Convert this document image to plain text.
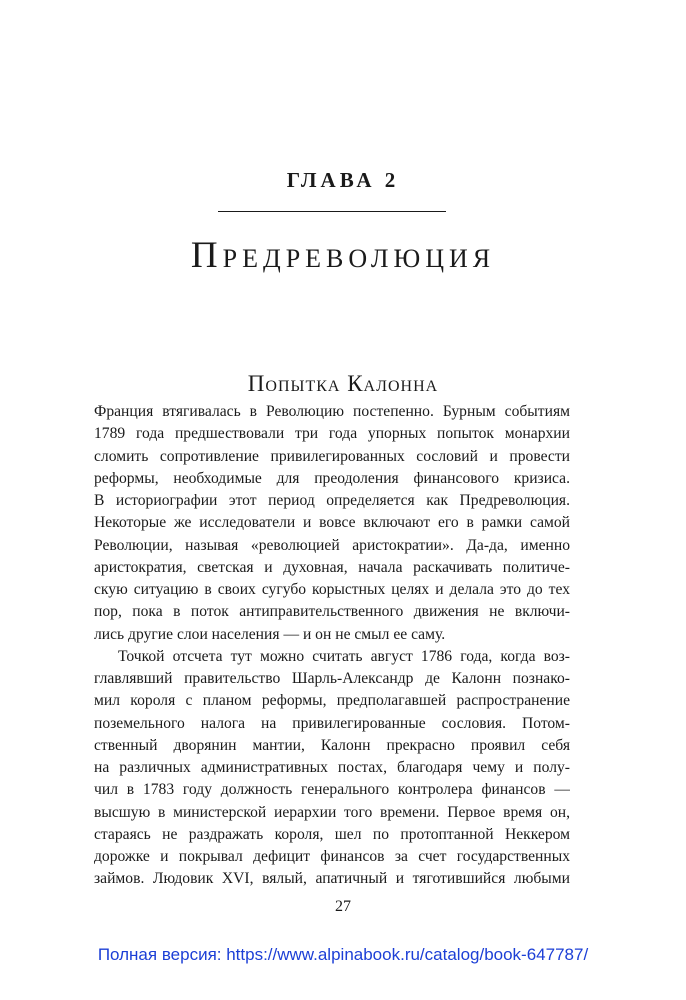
ГЛАВА 2
Предреволюция
Попытка Калонна
Франция втягивалась в Революцию постепенно. Бурным событиям
1789 года предшествовали три года упорных попыток монархии
сломить сопротивление привилегированных сословий и провести
реформы, необходимые для преодоления финансового кризиса.
В историографии этот период определяется как Предреволюция.
Некоторые же исследователи и вовсе включают его в рамки самой
Революции, называя «революцией аристократии». Да-да, именно
аристократия, светская и духовная, начала раскачивать политиче-
скую ситуацию в своих сугубо корыстных целях и делала это до тех
пор, пока в поток антиправительственного движения не включи-
лись другие слои населения — и он не смыл ее саму.
Точкой отсчета тут можно считать август 1786 года, когда воз-
главлявший правительство Шарль-Александр де Калонн познако-
мил короля с планом реформы, предполагавшей распространение
поземельного налога на привилегированные сословия. Потом-
ственный дворянин мантии, Калонн прекрасно проявил себя
на различных административных постах, благодаря чему и полу-
чил в 1783 году должность генерального контролера финансов —
высшую в министерской иерархии того времени. Первое время он,
стараясь не раздражать короля, шел по протоптанной Неккером
дорожке и покрывал дефицит финансов за счет государственных
займов. Людовик XVI, вялый, апатичный и тяготившийся любыми
27
Полная версия: https://www.alpinabook.ru/catalog/book-647787/
